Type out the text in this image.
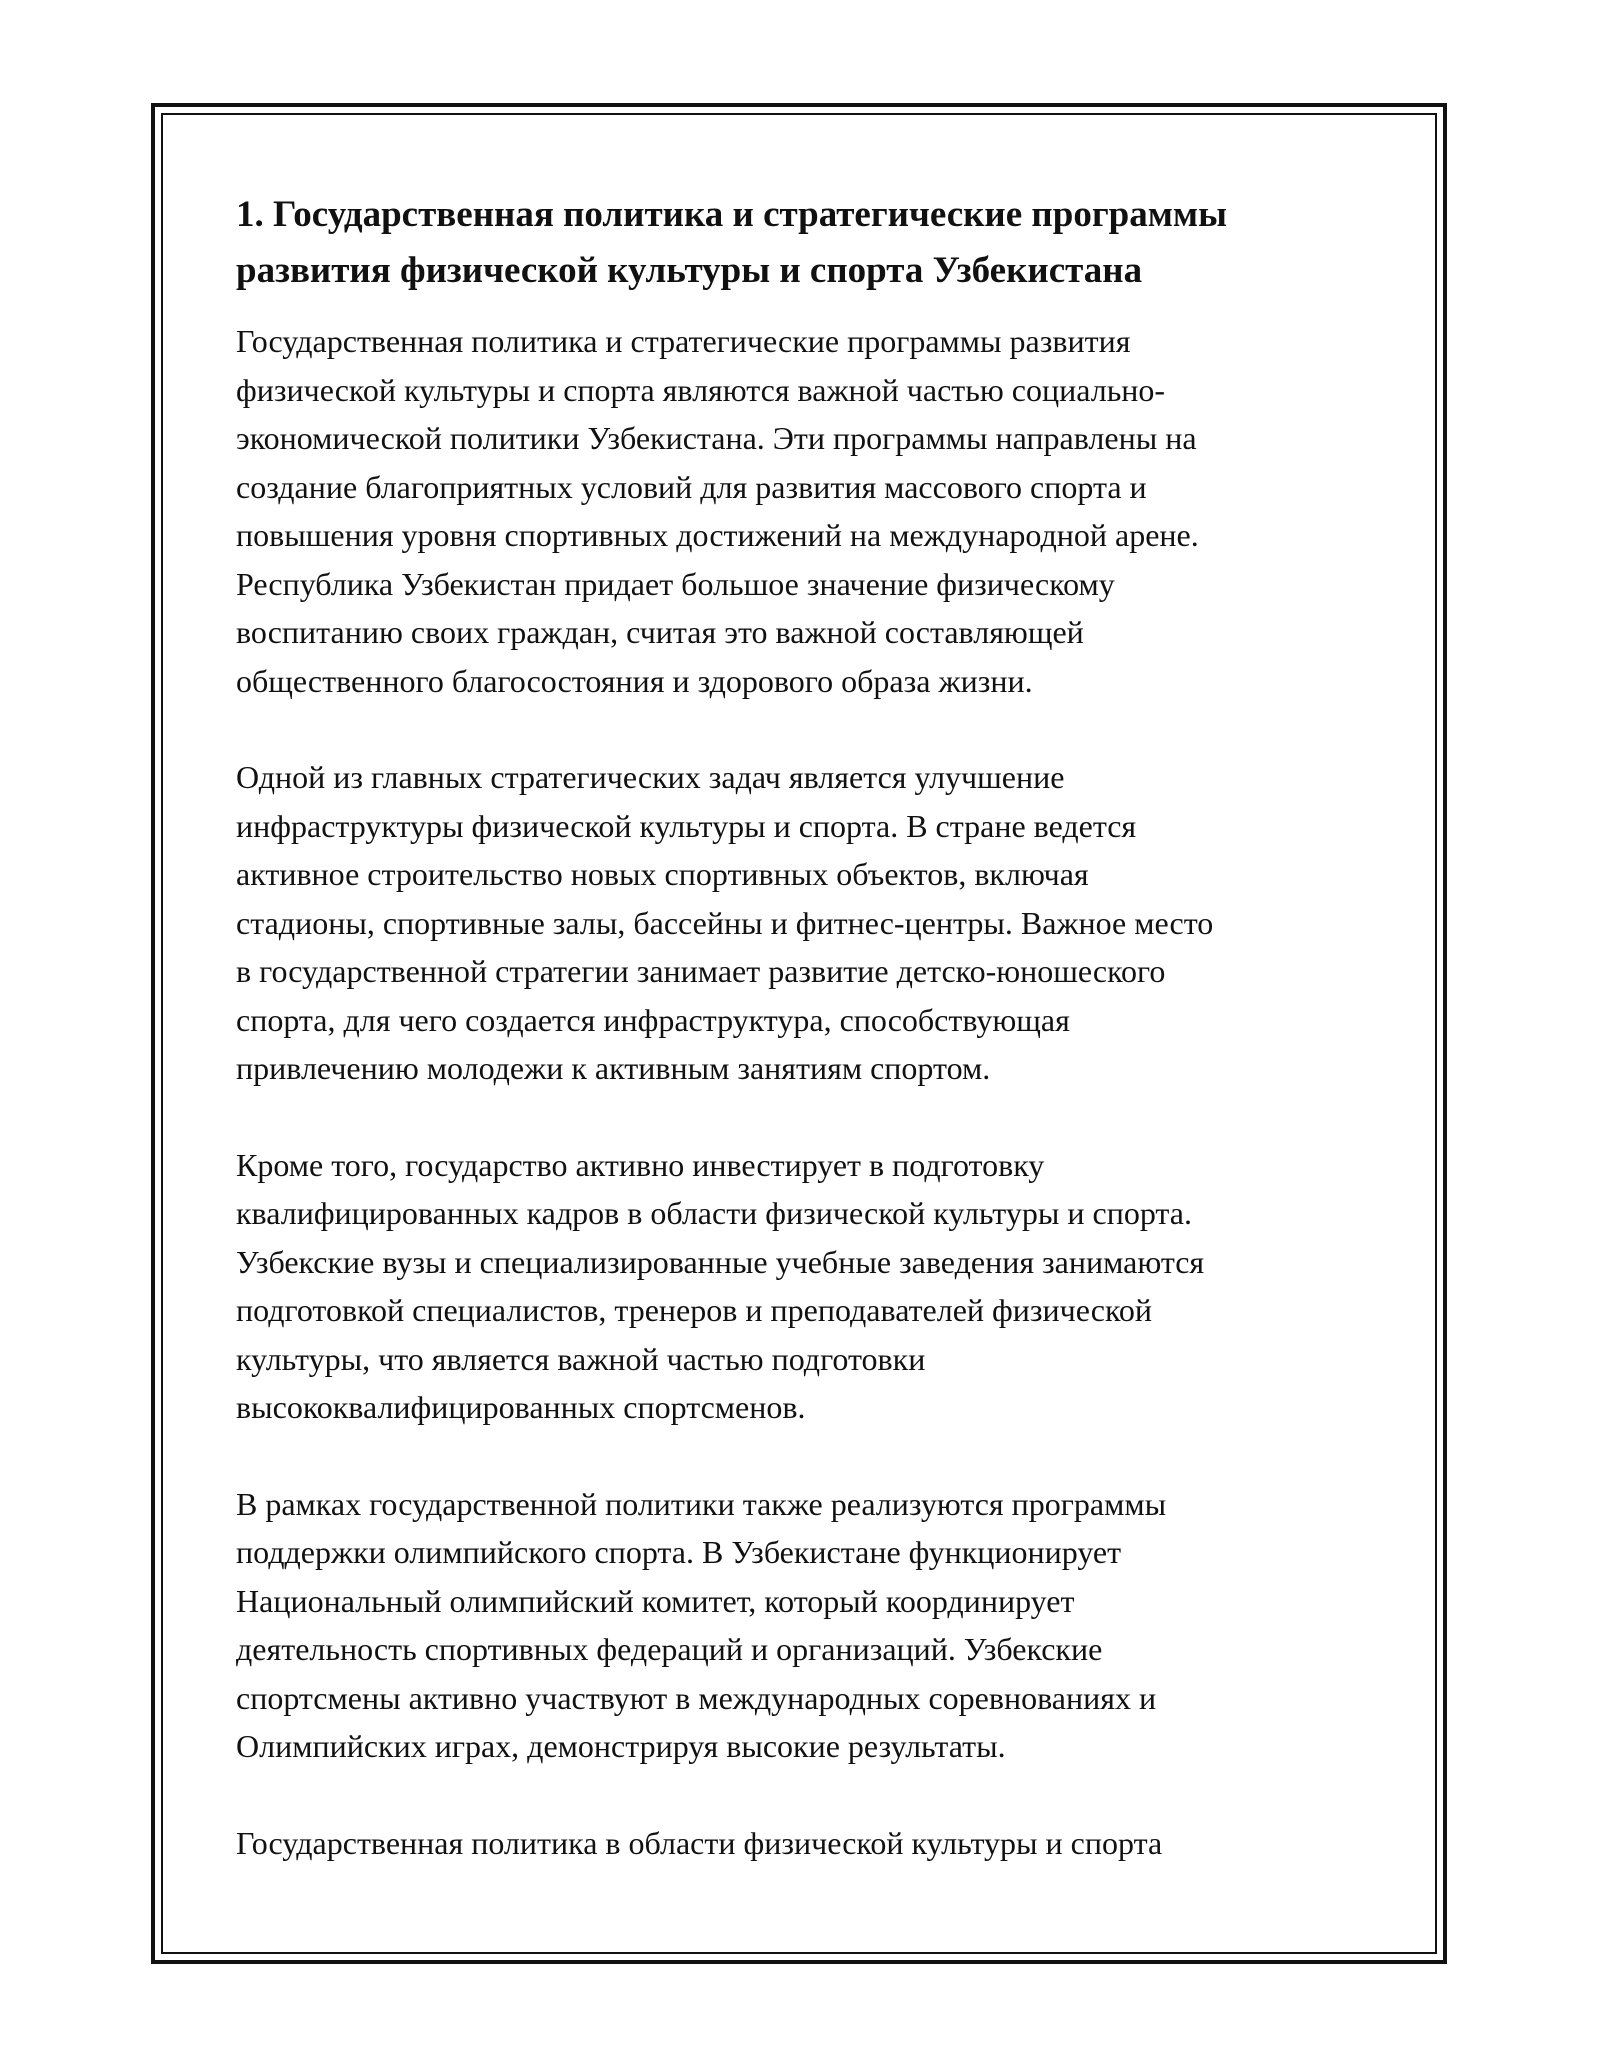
1. Государственная политика и стратегические программы
развития физической культуры и спорта Узбекистана

Государственная политика и стратегические программы развития
физической культуры и спорта являются важной частью социально-
экономической политики Узбекистана. Эти программы направлены на
создание благоприятных условий для развития массового спорта и
повышения уровня спортивных достижений на международной арене.
Республика Узбекистан придает большое значение физическому
воспитанию своих граждан, считая это важной составляющей
общественного благосостояния и здорового образа жизни.

Одной из главных стратегических задач является улучшение
инфраструктуры физической культуры и спорта. В стране ведется
активное строительство новых спортивных объектов, включая
стадионы, спортивные залы, бассейны и фитнес-центры. Важное место
в государственной стратегии занимает развитие детско-юношеского
спорта, для чего создается инфраструктура, способствующая
привлечению молодежи к активным занятиям спортом.

Кроме того, государство активно инвестирует в подготовку
квалифицированных кадров в области физической культуры и спорта.
Узбекские вузы и специализированные учебные заведения занимаются
подготовкой специалистов, тренеров и преподавателей физической
культуры, что является важной частью подготовки
высококвалифицированных спортсменов.

В рамках государственной политики также реализуются программы
поддержки олимпийского спорта. В Узбекистане функционирует
Национальный олимпийский комитет, который координирует
деятельность спортивных федераций и организаций. Узбекские
спортсмены активно участвуют в международных соревнованиях и
Олимпийских играх, демонстрируя высокие результаты.

Государственная политика в области физической культуры и спорта
